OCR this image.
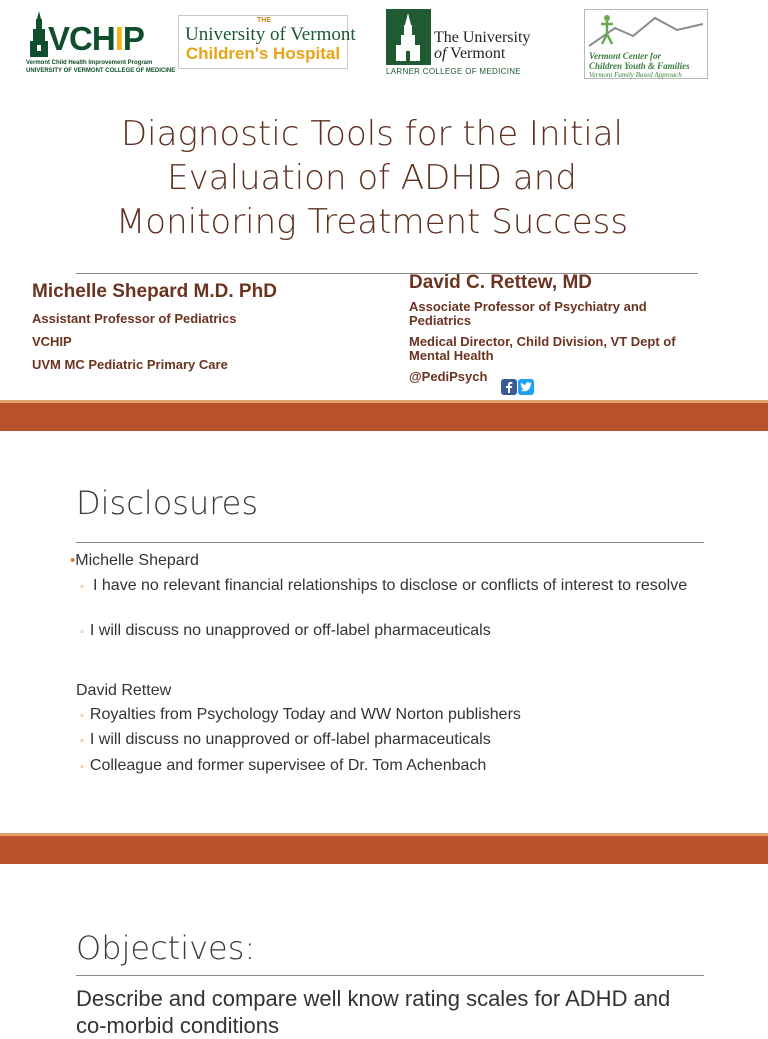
VCHIP
Vermont Child Health Improvement Program
UNIVERSITY OF VERMONT COLLEGE OF MEDICINE
THE
University of Vermont
Children's Hospital
The University
of Vermont
LARNER COLLEGE OF MEDICINE
Vermont Center for
Children Youth & Families
Vermont Family Based Approach
Diagnostic Tools for the Initial
Evaluation of ADHD and
Monitoring Treatment Success
Michelle Shepard M.D. PhD
Assistant Professor of Pediatrics
VCHIP
UVM MC Pediatric Primary Care
David C. Rettew, MD
Associate Professor of Psychiatry and Pediatrics
Medical Director, Child Division, VT Dept of Mental Health
@PediPsych
Disclosures
•Michelle Shepard
◦ I have no relevant financial relationships to disclose or conflicts of interest to resolve
◦ I will discuss no unapproved or off-label pharmaceuticals
David Rettew
◦ Royalties from Psychology Today and WW Norton publishers
◦ I will discuss no unapproved or off-label pharmaceuticals
◦ Colleague and former supervisee of Dr. Tom Achenbach
Objectives:
Describe and compare well know rating scales for ADHD and
co-morbid conditions
